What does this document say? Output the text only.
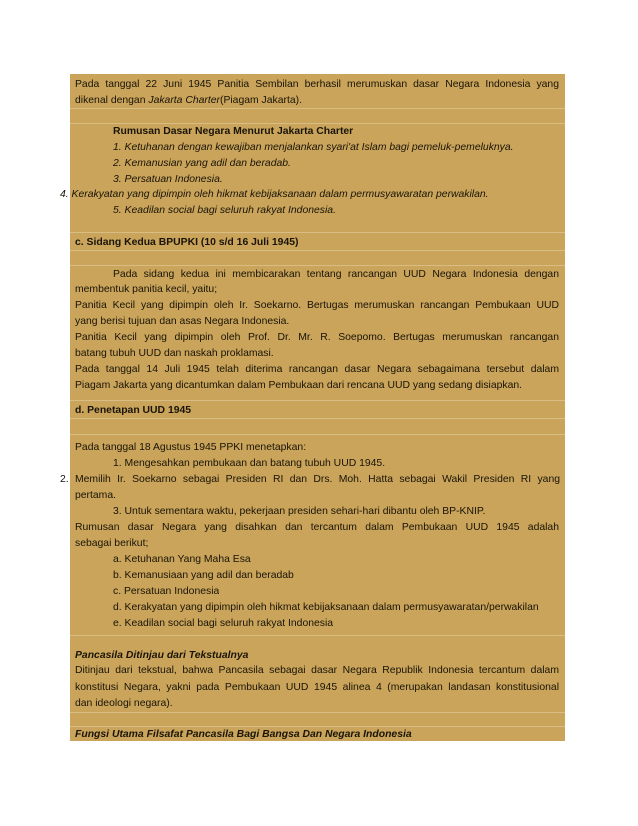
Pada tanggal 22 Juni 1945 Panitia Sembilan berhasil merumuskan dasar Negara Indonesia yang
dikenal dengan Jakarta Charter(Piagam Jakarta).
Rumusan Dasar Negara Menurut Jakarta Charter
1. Ketuhanan dengan kewajiban menjalankan syari'at Islam bagi pemeluk-pemeluknya.
2. Kemanusian yang adil dan beradab.
3. Persatuan Indonesia.
4. Kerakyatan yang dipimpin oleh hikmat kebijaksanaan dalam permusyawaratan perwakilan.
5. Keadilan social bagi seluruh rakyat Indonesia.
c. Sidang Kedua BPUPKI (10 s/d 16 Juli 1945)
Pada sidang kedua ini membicarakan tentang rancangan UUD Negara Indonesia dengan
membentuk panitia kecil, yaitu;
Panitia Kecil yang dipimpin oleh Ir. Soekarno. Bertugas merumuskan rancangan Pembukaan UUD
yang berisi tujuan dan asas Negara Indonesia.
Panitia Kecil yang dipimpin oleh Prof. Dr. Mr. R. Soepomo. Bertugas merumuskan rancangan
batang tubuh UUD dan naskah proklamasi.
Pada tanggal 14 Juli 1945 telah diterima rancangan dasar Negara sebagaimana tersebut dalam
Piagam Jakarta yang dicantumkan dalam Pembukaan dari rencana UUD yang sedang disiapkan.
d. Penetapan UUD 1945
Pada tanggal 18 Agustus 1945 PPKI menetapkan:
1. Mengesahkan pembukaan dan batang tubuh UUD 1945.
2. Memilih Ir. Soekarno sebagai Presiden RI dan Drs. Moh. Hatta sebagai Wakil Presiden RI yang
pertama.
3. Untuk sementara waktu, pekerjaan presiden sehari-hari dibantu oleh BP-KNIP.
Rumusan dasar Negara yang disahkan dan tercantum dalam Pembukaan UUD 1945 adalah
sebagai berikut;
a. Ketuhanan Yang Maha Esa
b. Kemanusiaan yang adil dan beradab
c. Persatuan Indonesia
d. Kerakyatan yang dipimpin oleh hikmat kebijaksanaan dalam permusyawaratan/perwakilan
e. Keadilan social bagi seluruh rakyat Indonesia
Pancasila Ditinjau dari Tekstualnya
Ditinjau dari tekstual, bahwa Pancasila sebagai dasar Negara Republik Indonesia tercantum dalam
konstitusi Negara, yakni pada Pembukaan UUD 1945 alinea 4 (merupakan landasan konstitusional
dan ideologi negara).
Fungsi Utama Filsafat Pancasila Bagi Bangsa Dan Negara Indonesia
